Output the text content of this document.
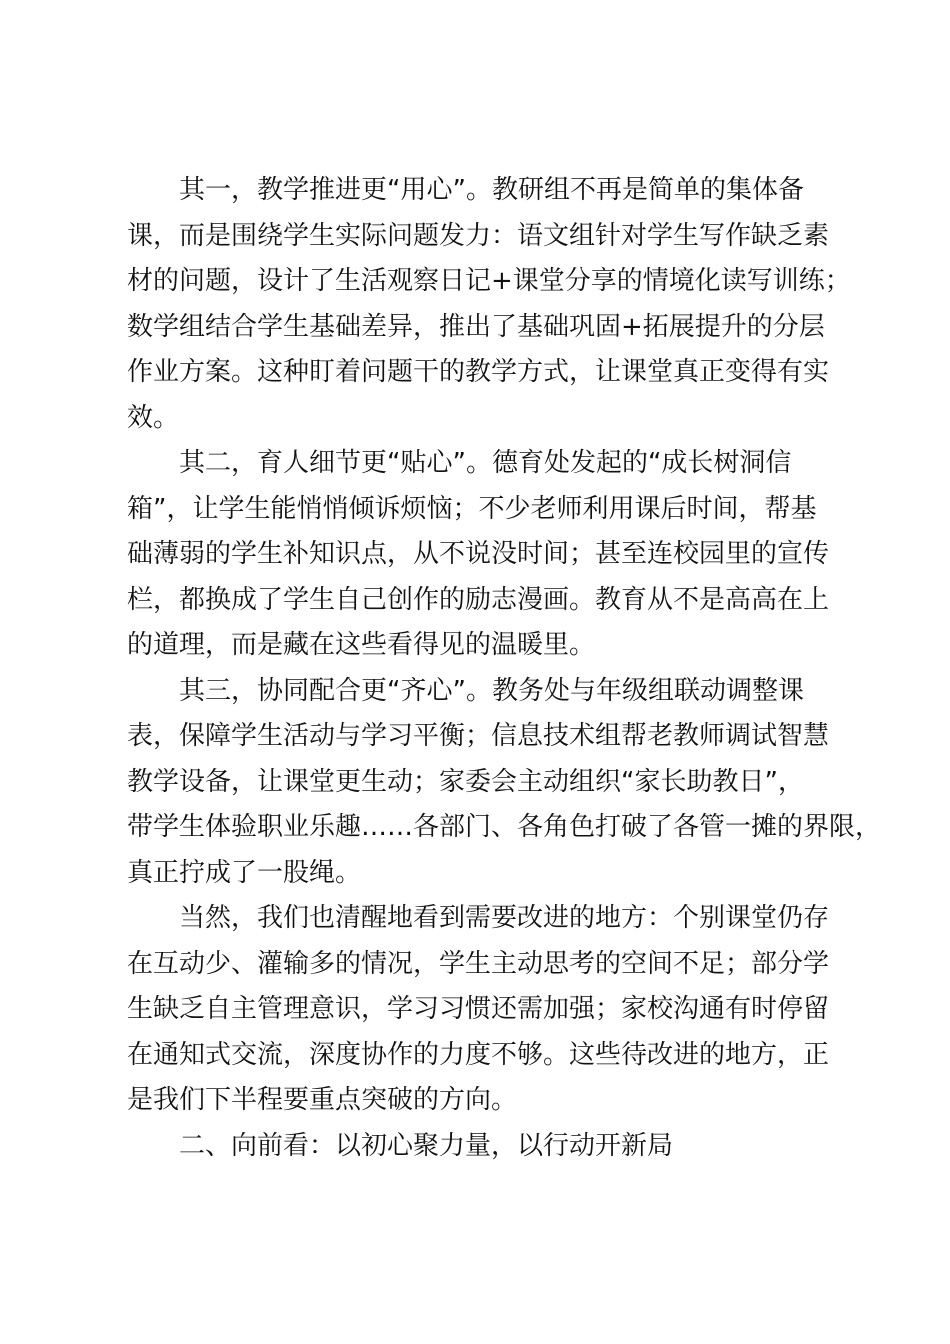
其一，教学推进更“用心”。教研组不再是简单的集体备
课，而是围绕学生实际问题发力：语文组针对学生写作缺乏素
材的问题，设计了生活观察日记+课堂分享的情境化读写训练；
数学组结合学生基础差异，推出了基础巩固+拓展提升的分层
作业方案。这种盯着问题干的教学方式，让课堂真正变得有实
效。
其二，育人细节更“贴心”。德育处发起的“成长树洞信
箱”，让学生能悄悄倾诉烦恼；不少老师利用课后时间，帮基
础薄弱的学生补知识点，从不说没时间；甚至连校园里的宣传
栏，都换成了学生自己创作的励志漫画。教育从不是高高在上
的道理，而是藏在这些看得见的温暖里。
其三，协同配合更“齐心”。教务处与年级组联动调整课
表，保障学生活动与学习平衡；信息技术组帮老教师调试智慧
教学设备，让课堂更生动；家委会主动组织“家长助教日”，
带学生体验职业乐趣……各部门、各角色打破了各管一摊的界限，
真正拧成了一股绳。
当然，我们也清醒地看到需要改进的地方：个别课堂仍存
在互动少、灌输多的情况，学生主动思考的空间不足；部分学
生缺乏自主管理意识，学习习惯还需加强；家校沟通有时停留
在通知式交流，深度协作的力度不够。这些待改进的地方，正
是我们下半程要重点突破的方向。
二、向前看：以初心聚力量，以行动开新局
